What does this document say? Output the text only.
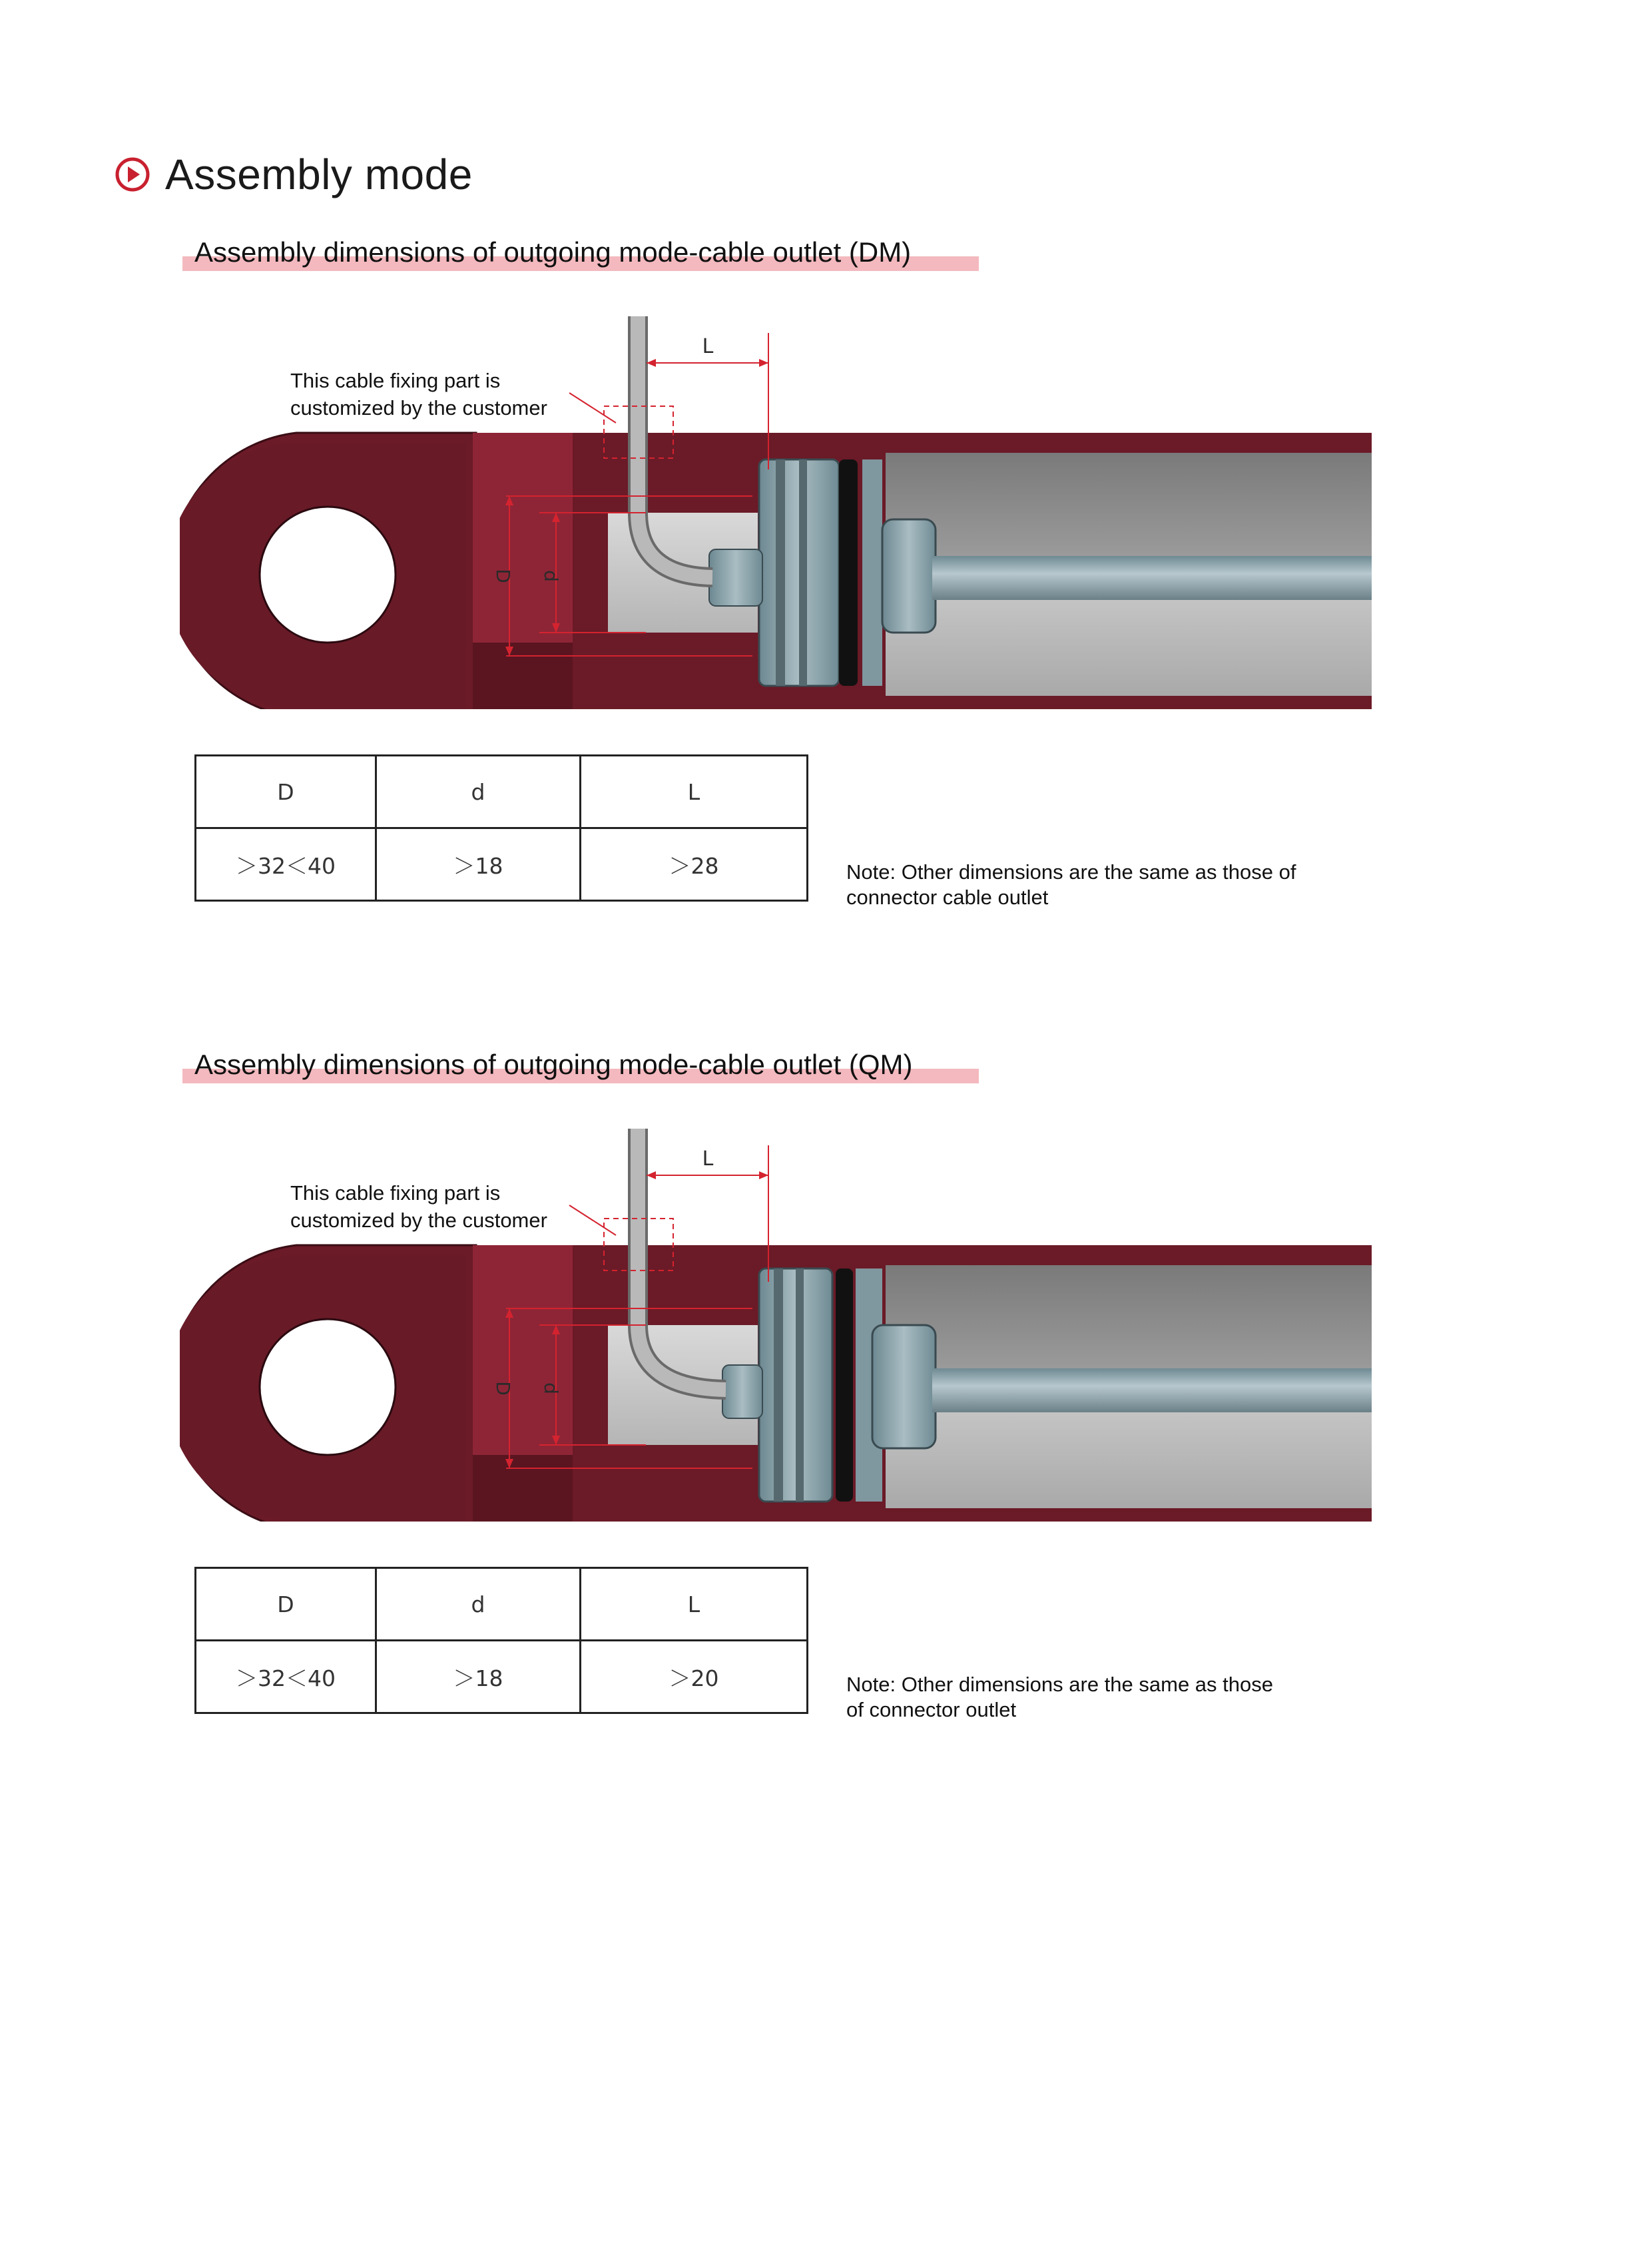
Assembly mode
Assembly dimensions of outgoing mode-cable outlet (DM)
D d
L
This cable fixing part is
customized by the customer
D	d	L
＞32＜40	＞18	＞28	Note: Other dimensions are the same as those of
connector cable outlet
Assembly dimensions of outgoing mode-cable outlet (QM)
D d
L
This cable fixing part is
customized by the customer
D	d	L
＞32＜40	＞18	＞20	Note: Other dimensions are the same as those
of connector outlet
